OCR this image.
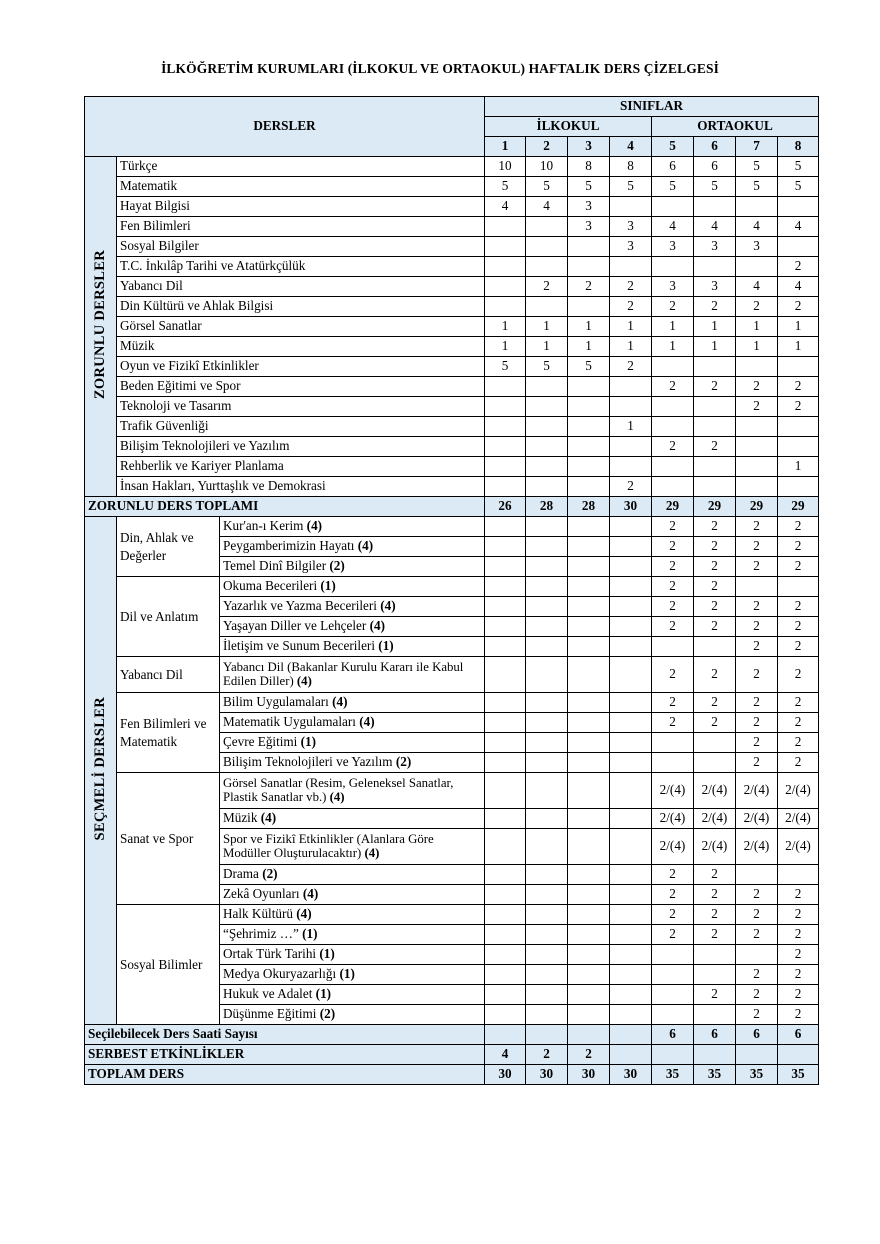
İLKÖĞRETİM KURUMLARI (İLKOKUL VE ORTAOKUL) HAFTALIK DERS ÇİZELGESİ
DERSLER			SINIFLAR							
			İLKOKUL				ORTAOKUL			
			1	2	3	4	5	6	7	8
ZORUNLU DERSLER	Türkçe		10	10	8	8	6	6	5	5
	Matematik		5	5	5	5	5	5	5	5
	Hayat Bilgisi		4	4	3					
	Fen Bilimleri				3	3	4	4	4	4
	Sosyal Bilgiler					3	3	3	3	
	T.C. İnkılâp Tarihi ve Atatürkçülük									2
	Yabancı Dil			2	2	2	3	3	4	4
	Din Kültürü ve Ahlak Bilgisi					2	2	2	2	2
	Görsel Sanatlar		1	1	1	1	1	1	1	1
	Müzik		1	1	1	1	1	1	1	1
	Oyun ve Fizikî Etkinlikler		5	5	5	2				
	Beden Eğitimi ve Spor						2	2	2	2
	Teknoloji ve Tasarım								2	2
	Trafik Güvenliği					1				
	Bilişim Teknolojileri ve Yazılım						2	2		
	Rehberlik ve Kariyer Planlama									1
	İnsan Hakları, Yurttaşlık ve Demokrasi					2				
ZORUNLU DERS TOPLAMI			26	28	28	30	29	29	29	29
SEÇMELİ DERSLER	Din, Ahlak ve Değerler	Kur'an-ı Kerim (4)					2	2	2	2
		Peygamberimizin Hayatı (4)					2	2	2	2
		Temel Dinî Bilgiler (2)					2	2	2	2
	Dil ve Anlatım	Okuma Becerileri (1)					2	2		
		Yazarlık ve Yazma Becerileri (4)					2	2	2	2
		Yaşayan Diller ve Lehçeler (4)					2	2	2	2
		İletişim ve Sunum Becerileri (1)							2	2
	Yabancı Dil	Yabancı Dil (Bakanlar Kurulu Kararı ile Kabul Edilen Diller) (4)					2	2	2	2
	Fen Bilimleri ve Matematik	Bilim Uygulamaları (4)					2	2	2	2
		Matematik Uygulamaları (4)					2	2	2	2
		Çevre Eğitimi (1)							2	2
		Bilişim Teknolojileri ve Yazılım (2)							2	2
	Sanat ve Spor	Görsel Sanatlar (Resim, Geleneksel Sanatlar, Plastik Sanatlar vb.) (4)					2/(4)	2/(4)	2/(4)	2/(4)
		Müzik (4)					2/(4)	2/(4)	2/(4)	2/(4)
		Spor ve Fizikî Etkinlikler (Alanlara Göre Modüller Oluşturulacaktır) (4)					2/(4)	2/(4)	2/(4)	2/(4)
		Drama (2)					2	2		
		Zekâ Oyunları (4)					2	2	2	2
	Sosyal Bilimler	Halk Kültürü (4)					2	2	2	2
		“Şehrimiz …” (1)					2	2	2	2
		Ortak Türk Tarihi (1)								2
		Medya Okuryazarlığı (1)							2	2
		Hukuk ve Adalet (1)						2	2	2
		Düşünme Eğitimi (2)							2	2
Seçilebilecek Ders Saati Sayısı							6	6	6	6
SERBEST ETKİNLİKLER			4	2	2					
TOPLAM DERS			30	30	30	30	35	35	35	35
